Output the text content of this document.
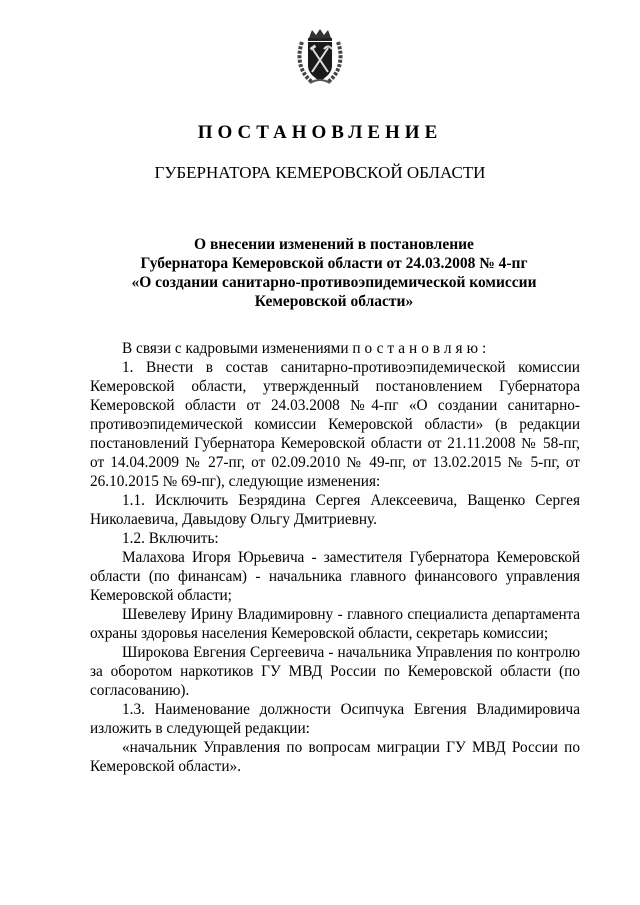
ПОСТАНОВЛЕНИЕ
ГУБЕРНАТОРА КЕМЕРОВСКОЙ ОБЛАСТИ
О внесении изменений в постановление
Губернатора Кемеровской области от 24.03.2008 № 4-пг
«О создании санитарно-противоэпидемической комиссии
Кемеровской области»

В связи с кадровыми изменениями постановляю:

1. Внести в состав санитарно-противоэпидемической комиссии Кемеровской области, утвержденный постановлением Губернатора Кемеровской области от 24.03.2008 №4-пг «О создании санитарно-противоэпидемической комиссии Кемеровской области» (в редакции постановлений Губернатора Кемеровской области от 21.11.2008 № 58-пг, от 14.04.2009 № 27-пг, от 02.09.2010 № 49-пг, от 13.02.2015 № 5-пг, от 26.10.2015 № 69-пг), следующие изменения:

1.1. Исключить Безрядина Сергея Алексеевича, Ващенко Сергея Николаевича, Давыдову Ольгу Дмитриевну.

1.2. Включить:

Малахова Игоря Юрьевича - заместителя Губернатора Кемеровской области (по финансам) - начальника главного финансового управления Кемеровской области;

Шевелеву Ирину Владимировну - главного специалиста департамента охраны здоровья населения Кемеровской области, секретарь комиссии;

Широкова Евгения Сергеевича - начальника Управления по контролю за оборотом наркотиков ГУ МВД России по Кемеровской области (по согласованию).

1.3. Наименование должности Осипчука Евгения Владимировича изложить в следующей редакции:

«начальник Управления по вопросам миграции ГУ МВД России по Кемеровской области».
